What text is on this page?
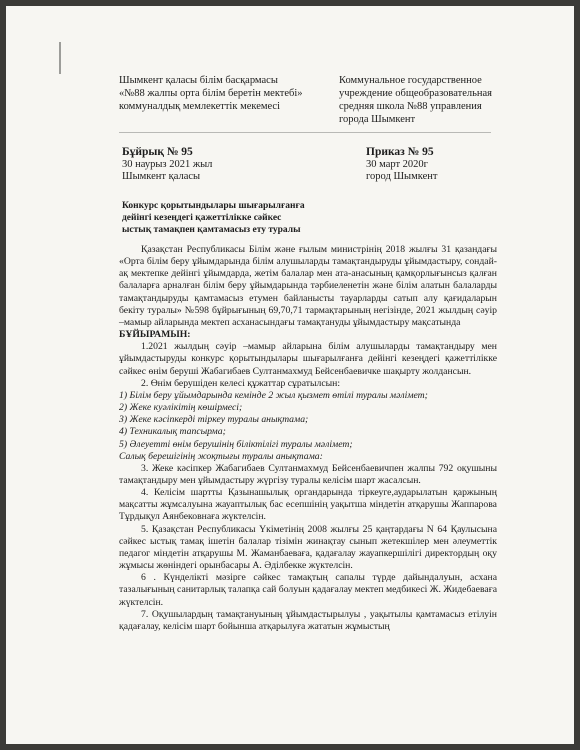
Шымкент қаласы білім басқармасы
«№88 жалпы орта білім беретін мектебі»
коммуналдық мемлекеттік мекемесі
Коммунальное государственное
учреждение общеобразовательная
средняя школа №88 управления
города Шымкент
Бұйрық № 95
30 наурыз 2021 жыл
Шымкент қаласы
Приказ № 95
30 март 2020г
город Шымкент
Конкурс қорытындылары шығарылғанға
дейінгі кезеңдегі қажеттілікке сәйкес
ыстық тамақпен қамтамасыз ету туралы

Қазақстан Республикасы Білім және ғылым министрінің 2018 жылғы 31 қазандағы «Орта білім беру ұйымдарында білім алушыларды тамақтандыруды ұйымдастыру, сондай-ақ мектепке дейінгі ұйымдарда, жетім балалар мен ата-анасының қамқорлығынсыз қалған балаларға арналған білім беру ұйымдарында тәрбиеленетін және білім алатын балаларды тамақтандыруды қамтамасыз етумен байланысты тауарларды сатып алу қағидаларын бекіту туралы» №598 бұйрығының 69,70,71 тармақтарының негізінде, 2021 жылдың сәуір –мамыр айларында мектеп асханасындағы тамақтануды ұйымдастыру мақсатында

БҰЙЫРАМЫН:

1.2021 жылдың сәуір –мамыр айларына білім алушыларды тамақтандыру мен ұйымдастыруды конкурс қорытындылары шығарылғанға дейінгі кезеңдегі қажеттілікке сәйкес өнім беруші Жабагибаев Султанмахмуд Бейсенбаевичке шақырту жолдансын.

2. Өнім берушіден келесі құжаттар сұратылсын:

1) Білім беру ұйымдарында кемінде 2 жыл қызмет өтілі туралы мәлімет;

2) Жеке куәлікітің көшірмесі;

3) Жеке кәсіпкерді тіркеу туралы анықтама;

4) Техникалық тапсырма;

5) Әлеуетті өнім берушінің біліктілігі туралы мәлімет;

Салық берешігінің жоқтығы туралы анықтама:

3. Жеке кәсіпкер Жабагибаев Султанмахмуд Бейсенбаевичпен жалпы 792 оқушыны тамақтандыру мен ұйымдастыру жүргізу туралы келісім шарт жасалсын.

4. Келісім шартты Қазынашылық органдарында тіркеуге,аударылатын қаржының мақсатты жұмсалуына жауаптылық бас есепшінің уақытша міндетін атқарушы Жаппарова Тұрдықул Аянбековнаға жүктелсін.

5. Қазақстан Республикасы Үкіметінің 2008 жылғы 25 қаңтардағы N 64 Қаулысына сәйкес ыстық тамақ ішетін балалар тізімін жинақтау сынып жетекшілер мен әлеуметтік педагог міндетін атқарушы М. Жаманбаеваға, қадағалау жауапкершілігі директордың оқу жұмысы жөніндегі орынбасары А. Әділбекке жүктелсін.

6 . Күнделікті мәзірге сәйкес тамақтың сапалы түрде дайындалуын, асхана тазалығының санитарлық талапқа сай болуын қадағалау мектеп медбикесі Ж. Жидебаеваға жүктелсін.

7. Оқушылардың тамақтануының ұйымдастырылуы , уақытылы қамтамасыз етілуін қадағалау, келісім шарт бойынша атқарылуға жататын жұмыстың
